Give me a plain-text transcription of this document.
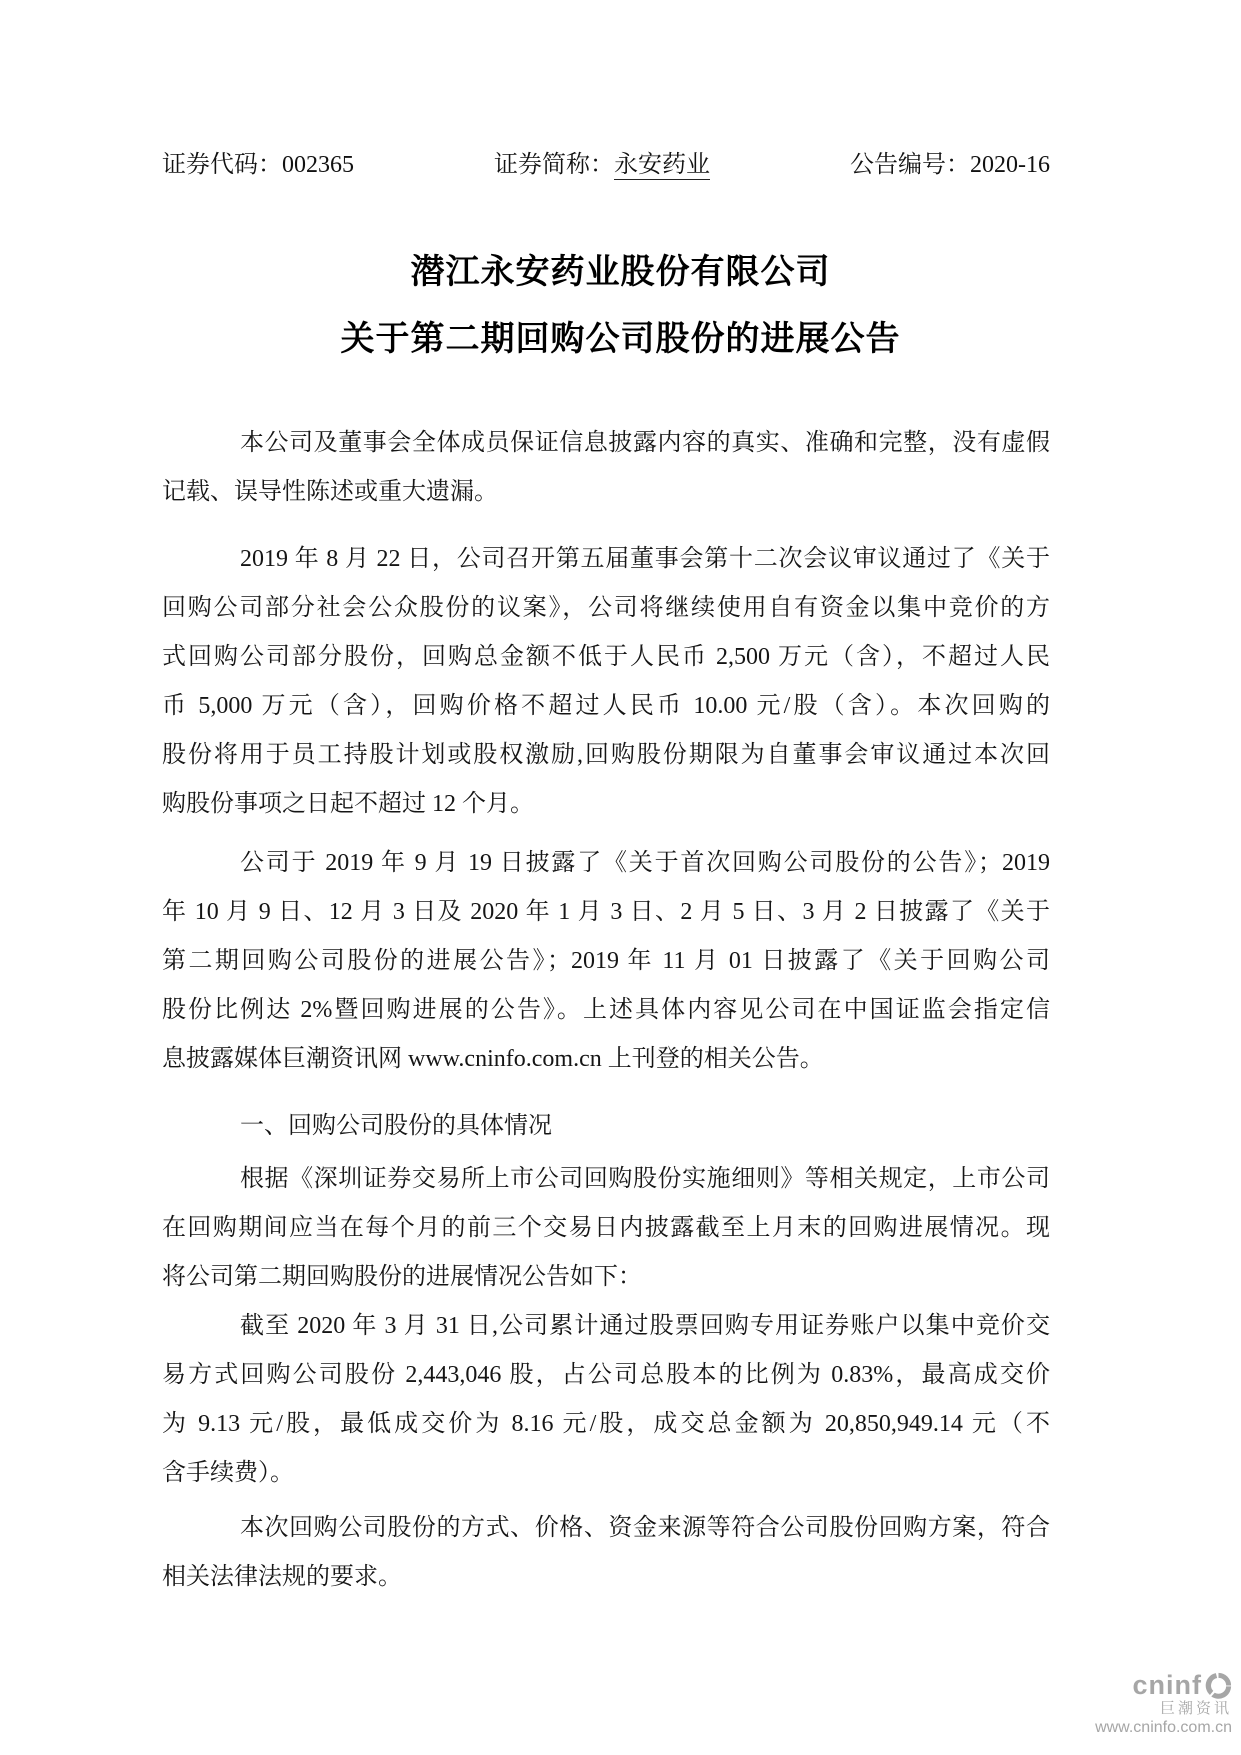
证券代码：002365	证券简称：永安药业	公告编号：2020-16
潜江永安药业股份有限公司
关于第二期回购公司股份的进展公告
本公司及董事会全体成员保证信息披露内容的真实、准确和完整，没有虚假
记载、误导性陈述或重大遗漏。
2019 年 8 月 22 日，公司召开第五届董事会第十二次会议审议通过了《关于
回购公司部分社会公众股份的议案》，公司将继续使用自有资金以集中竞价的方
式回购公司部分股份，回购总金额不低于人民币 2,500 万元（含），不超过人民
币 5,000 万元（含），回购价格不超过人民币 10.00 元/股（含）。本次回购的
股份将用于员工持股计划或股权激励,回购股份期限为自董事会审议通过本次回
购股份事项之日起不超过 12 个月。
公司于 2019 年 9 月 19 日披露了《关于首次回购公司股份的公告》；2019
年 10 月 9 日、12 月 3 日及 2020 年 1 月 3 日、2 月 5 日、3 月 2 日披露了《关于
第二期回购公司股份的进展公告》；2019 年 11 月 01 日披露了《关于回购公司
股份比例达 2%暨回购进展的公告》。上述具体内容见公司在中国证监会指定信
息披露媒体巨潮资讯网 www.cninfo.com.cn 上刊登的相关公告。
一、回购公司股份的具体情况
根据《深圳证券交易所上市公司回购股份实施细则》等相关规定，上市公司
在回购期间应当在每个月的前三个交易日内披露截至上月末的回购进展情况。现
将公司第二期回购股份的进展情况公告如下：
截至 2020 年 3 月 31 日,公司累计通过股票回购专用证券账户以集中竞价交
易方式回购公司股份 2,443,046 股，占公司总股本的比例为 0.83%，最高成交价
为 9.13 元/股，最低成交价为 8.16 元/股，成交总金额为 20,850,949.14 元（不
含手续费）。
本次回购公司股份的方式、价格、资金来源等符合公司股份回购方案，符合
相关法律法规的要求。
cninf
巨潮资讯
www.cninfo.com.cn
